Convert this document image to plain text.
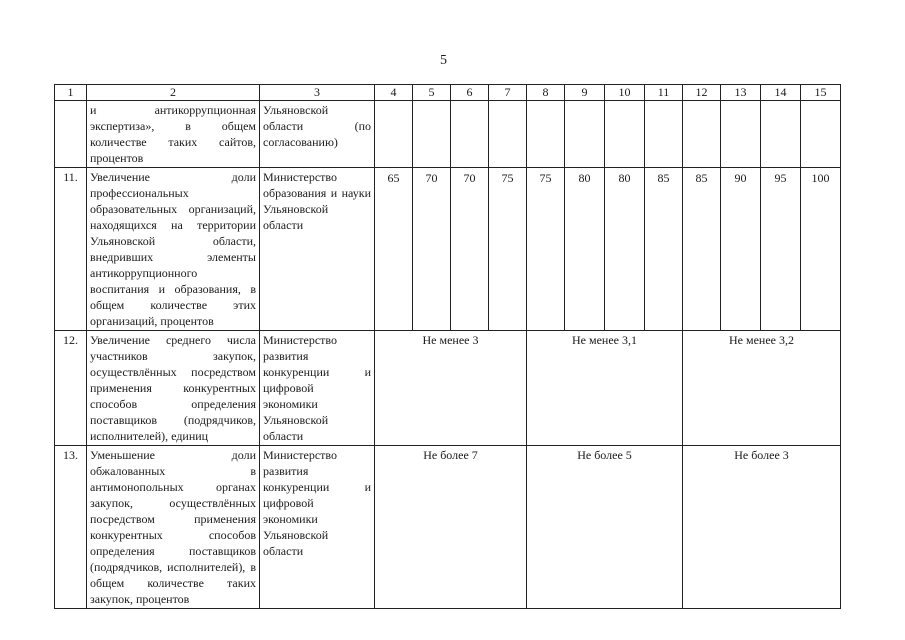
5
1	2	3	4	5	6	7	8	9	10	11	12	13	14	15
	и антикоррупционная экспертиза», в общем количестве таких сайтов, процентов	Ульяновской области (по согласованию)												
11.	Увеличение доли профессиональных образовательных организаций, находящихся на территории Ульяновской области, внедривших элементы антикоррупционного воспитания и образования, в общем количестве этих организаций, процентов	Министерство образования и науки Ульяновской области	65	70	70	75	75	80	80	85	85	90	95	100
12.	Увеличение среднего числа участников закупок, осуществлённых посредством применения конкурентных способов определения поставщиков (подрядчиков, исполнителей), единиц	Министерство развития конкуренции и цифровой экономики Ульяновской области	Не менее 3				Не менее 3,1				Не менее 3,2			
13.	Уменьшение доли обжалованных в антимонопольных органах закупок, осуществлённых посредством применения конкурентных способов определения поставщиков (подрядчиков, исполнителей), в общем количестве таких закупок, процентов	Министерство развития конкуренции и цифровой экономики Ульяновской области	Не более 7				Не более 5				Не более 3			
